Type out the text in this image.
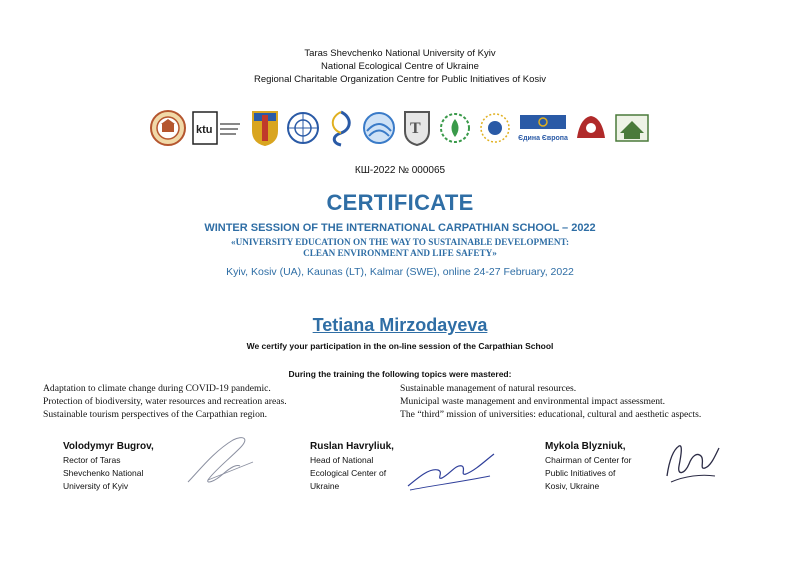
Taras Shevchenko National University of Kyiv
National Ecological Centre of Ukraine
Regional Charitable Organization Centre for Public Initiatives of Kosiv
ktu	Т
Єдина Європа
КШ-2022 № 000065
CERTIFICATE
WINTER SESSION OF THE INTERNATIONAL CARPATHIAN SCHOOL – 2022
«UNIVERSITY EDUCATION ON THE WAY TO SUSTAINABLE DEVELOPMENT:
CLEAN ENVIRONMENT AND LIFE SAFETY»
Kyiv, Kosiv (UA), Kaunas (LT), Kalmar (SWE), online 24-27 February, 2022
Tetiana Mirzodayeva
We certify your participation in the on-line session of the Carpathian School
During the training the following topics were mastered:
Adaptation to climate change during COVID-19 pandemic.
Protection of biodiversity, water resources and recreation areas.
Sustainable tourism perspectives of the Carpathian region.
Sustainable management of natural resources.
Municipal waste management and environmental impact assessment.
The “third” mission of universities: educational, cultural and aesthetic aspects.
Volodymyr Bugrov,
Rector of Taras
Shevchenko National
University of Kyiv
Ruslan Havryliuk,
Head of National
Ecological Center of
Ukraine
Mykola Blyzniuk,
Chairman of Center for
Public Initiatives of
Kosiv, Ukraine
